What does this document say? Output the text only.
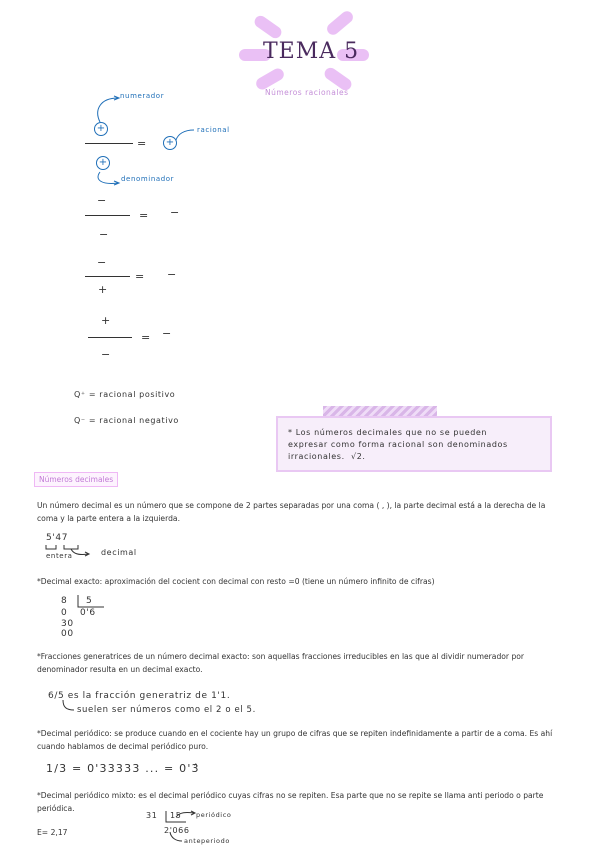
TEMA 5
Números racionales
numerador
+
= +
racional
+
denominador
−
= −
−
−
= −
+
+
= −
−
Q⁺ = racional positivo
Q⁻ = racional negativo
* Los números decimales que no se pueden
expresar como forma racional son denominados
irracionales. √2.
Números decimales
Un número decimal es un número que se compone de 2 partes separadas por una coma ( , ), la parte decimal está a la derecha de la coma y la parte entera a la izquierda.
5'47
entera	decimal
*Decimal exacto: aproximación del cocient con decimal con resto =0 (tiene un número infinito de cifras)
8 5
0 0'6
30
00
*Fracciones generatrices de un número decimal exacto: son aquellas fracciones irreducibles en las que al dividir numerador por denominador resulta en un decimal exacto.
6/5 es la fracción generatriz de 1'1.
suelen ser números como el 2 o el 5.
*Decimal periódico: se produce cuando en el cociente hay un grupo de cifras que se repiten indefinidamente a partir de a coma. Es ahí cuando hablamos de decimal periódico puro.
1/3 = 0'33333 ... = 0'3̂
*Decimal periódico mixto: es el decimal periódico cuyas cifras no se repiten. Esa parte que no se repite se llama anti periodo o parte periódica.
E= 2,17
31 15 periódico
2'066
anteperiodo
